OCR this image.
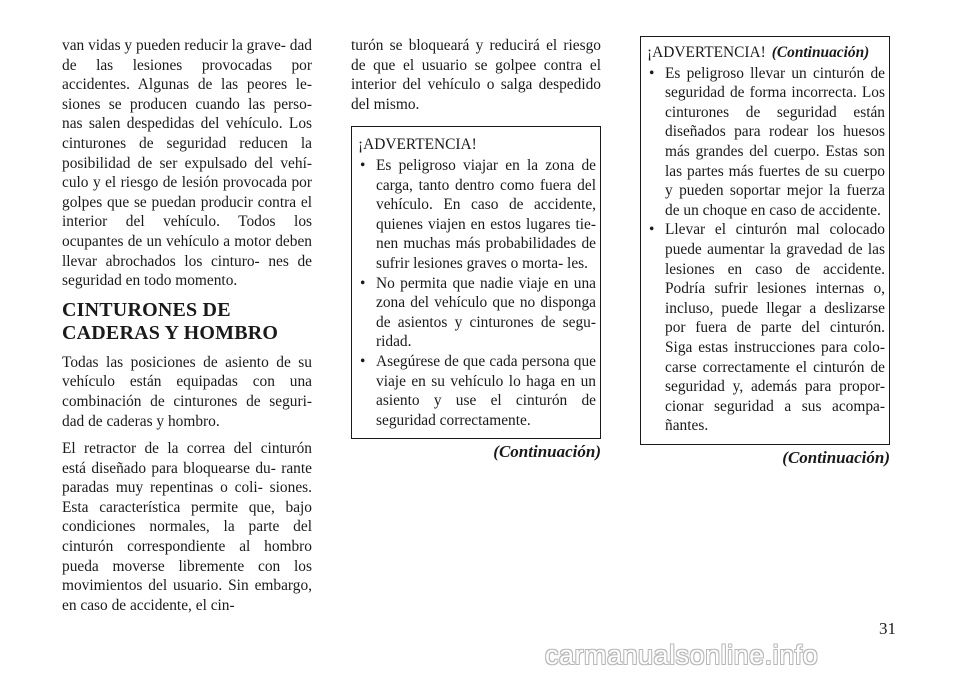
van vidas y pueden reducir la grave- dad de las lesiones provocadas por accidentes. Algunas de las peores le- siones se producen cuando las perso- nas salen despedidas del vehículo. Los cinturones de seguridad reducen la posibilidad de ser expulsado del vehí- culo y el riesgo de lesión provocada por golpes que se puedan producir contra el interior del vehículo. Todos los ocupantes de un vehículo a motor deben llevar abrochados los cinturo- nes de seguridad en todo momento.

CINTURONES DE CADERAS Y HOMBRO

Todas las posiciones de asiento de su vehículo están equipadas con una combinación de cinturones de seguri- dad de caderas y hombro.

El retractor de la correa del cinturón está diseñado para bloquearse du- rante paradas muy repentinas o coli- siones. Esta característica permite que, bajo condiciones normales, la parte del cinturón correspondiente al hombro pueda moverse libremente con los movimientos del usuario. Sin embargo, en caso de accidente, el cin-

turón se bloqueará y reducirá el riesgo de que el usuario se golpee contra el interior del vehículo o salga despedido del mismo.

¡ADVERTENCIA!
• Es peligroso viajar en la zona de carga, tanto dentro como fuera del vehículo. En caso de accidente, quienes viajen en estos lugares tie- nen muchas más probabilidades de sufrir lesiones graves o morta- les.
• No permita que nadie viaje en una zona del vehículo que no disponga de asientos y cinturones de segu- ridad.
• Asegúrese de que cada persona que viaje en su vehículo lo haga en un asiento y use el cinturón de seguridad correctamente.
(Continuación)
¡ADVERTENCIA! (Continuación)
• Es peligroso llevar un cinturón de seguridad de forma incorrecta. Los cinturones de seguridad están diseñados para rodear los huesos más grandes del cuerpo. Estas son las partes más fuertes de su cuerpo y pueden soportar mejor la fuerza de un choque en caso de accidente.
• Llevar el cinturón mal colocado puede aumentar la gravedad de las lesiones en caso de accidente. Podría sufrir lesiones internas o, incluso, puede llegar a deslizarse por fuera de parte del cinturón. Siga estas instrucciones para colo- carse correctamente el cinturón de seguridad y, además para propor- cionar seguridad a sus acompa- ñantes.
(Continuación)
31
carmanualsonline.info
